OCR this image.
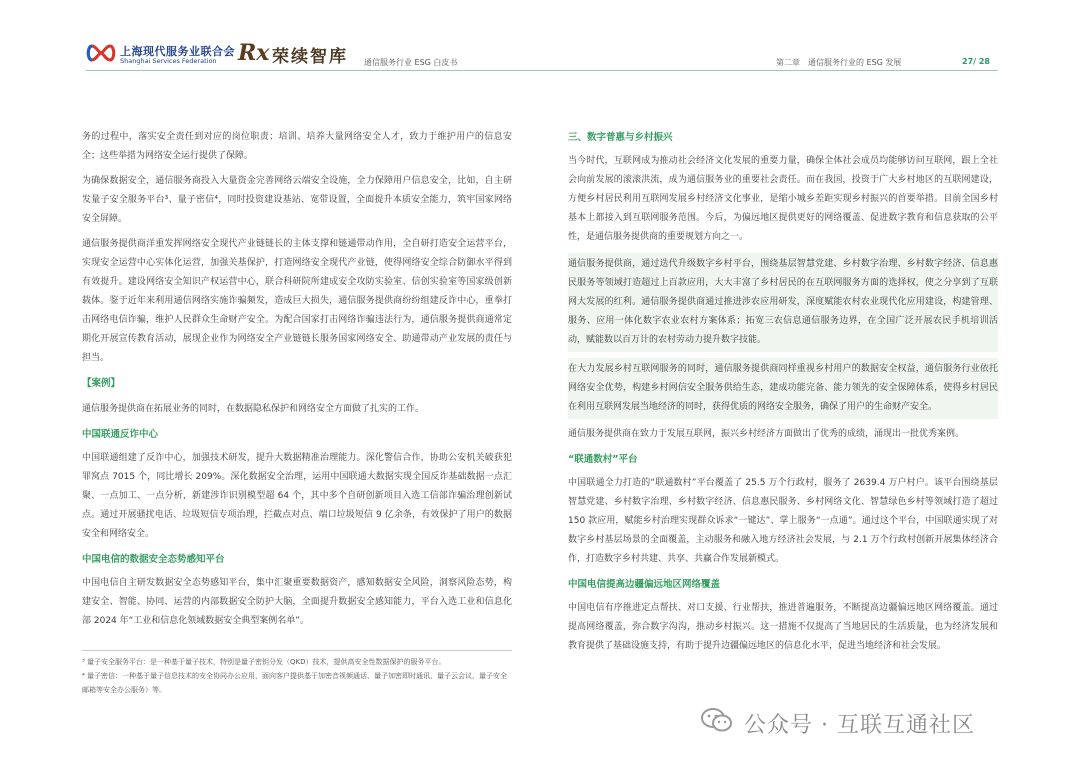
上海现代服务业联合会
Shanghai Services Federation Rx 荣续智库 通信服务行业 ESG 白皮书	第二章　通信服务行业的 ESG 发展	27/ 28

务的过程中，落实安全责任到对应的岗位职责；培训、培养大量网络安全人才，致力于维护用户的信息安全；这些举措为网络安全运行提供了保障。

为确保数据安全，通信服务商投入大量资金完善网络云端安全设施，全力保障用户信息安全，比如，自主研发量子安全服务平台³、量子密信⁴，同时投资建设基站、宽带设置，全面提升本质安全能力，筑牢国家网络安全屏障。

通信服务提供商洋重发挥网络安全现代产业链链长的主体支撑和链通带动作用，全自研打造安全运营平台，实现安全运营中心实体化运营，加强关基保护，打造网络安全现代产业链，使得网络安全综合防御水平得到有效提升。建设网络安全知识产权运营中心，联合科研院所建成安全攻防实验室、信创实验室等国家级创新载体。鉴于近年来利用通信网络实施诈骗频发，造成巨大损失，通信服务提供商纷纷组建反诈中心，重拳打击网络电信诈骗，维护人民群众生命财产安全。为配合国家打击网络诈骗违法行为，通信服务提供商通常定期化开展宣传教育活动，展现企业作为网络安全产业链链长服务国家网络安全、助通带动产业发展的责任与担当。

【案例】

通信服务提供商在拓展业务的同时，在数据隐私保护和网络安全方面做了扎实的工作。

中国联通反诈中心

中国联通组建了反诈中心，加强技术研发，提升大数据精准治理能力。深化警信合作，协助公安机关破获犯罪窝点 7015 个，同比增长 209%。深化数据安全治理，运用中国联通大数据实现全国反诈基础数据一点汇聚、一点加工、一点分析，新建涉诈识别模型超 64 个，其中多个自研创新项目入选工信部诈骗治理创新试点。通过开展骚扰电话、垃圾短信专项治理，拦截点对点、端口垃圾短信 9 亿余条，有效保护了用户的数据安全和网络安全。

中国电信的数据安全态势感知平台

中国电信自主研发数据安全态势感知平台，集中汇聚重要数据资产，感知数据安全风险，洞察风险态势，构建安全、智能、协同、运营的内部数据安全防护大脑，全面提升数据安全感知能力，平台入选工业和信息化部 2024 年“工业和信息化领域数据安全典型案例名单”。

³ 量子安全服务平台：是一种基于量子技术，特别是量子密钥分发（QKD）技术，提供高安全性数据保护的服务平台。

⁴ 量子密信：一种基于量子信息技术的安全协同办公应用，面向客户提供基于加密音视频通话、量子加密即时通讯、量子云会议、量子安全邮箱等安全办公服务）等。

三、数字普惠与乡村振兴

当今时代，互联网成为推动社会经济文化发展的重要力量，确保全体社会成员均能够访问互联网，跟上全社会向前发展的滚滚洪流，成为通信服务业的重要社会责任。而在我国，投资于广大乡村地区的互联网建设，方便乡村居民利用互联网发展乡村经济文化事业，是缩小城乡差距实现乡村振兴的首要举措。目前全国乡村基本上都接入到互联网服务范围。今后，为偏远地区提供更好的网络覆盖、促进数字教育和信息获取的公平性，是通信服务提供商的重要规划方向之一。

通信服务提供商，通过迭代升级数字乡村平台，围绕基层智慧党建、乡村数字治理、乡村数字经济、信息惠民服务等领域打造超过上百款应用，大大丰富了乡村居民的在互联网服务方面的选择权，使之分享到了互联网大发展的红利。通信服务提供商通过推进涉农应用研发，深度赋能农村农业现代化应用建设，构建管理、服务、应用一体化数字农业农村方案体系；拓宽三农信息通信服务边界，在全国广泛开展农民手机培训活动，赋能数以百万计的农村劳动力提升数字技能。

在大力发展乡村互联网服务的同时，通信服务提供商同样重视乡村用户的数据安全权益，通信服务行业依托网络安全优势，构建乡村网信安全服务供给生态，建成功能完备、能力领先的安全保障体系，使得乡村居民在利用互联网发展当地经济的同时，获得优质的网络安全服务，确保了用户的生命财产安全。

通信服务提供商在致力于发展互联网，振兴乡村经济方面做出了优秀的成绩，涌现出一批优秀案例。

“联通数村”平台

中国联通全力打造的“联通数村”平台覆盖了 25.5 万个行政村，服务了 2639.4 万户村户。该平台围绕基层智慧党建、乡村数字治理、乡村数字经济、信息惠民服务、乡村网络文化、智慧绿色乡村等领域打造了超过 150 款应用，赋能乡村治理实现群众诉求“一键达”、掌上服务“一点通”。通过这个平台，中国联通实现了对数字乡村基层场景的全面覆盖，主动服务和融入地方经济社会发展，与 2.1 万个行政村创新开展集体经济合作，打造数字乡村共建、共享、共赢合作发展新模式。

中国电信提高边疆偏远地区网络覆盖

中国电信有序推进定点帮扶、对口支援、行业帮扶，推进普遍服务，不断提高边疆偏远地区网络覆盖。通过提高网络覆盖，弥合数字沟沟，推动乡村振兴。这一措施不仅提高了当地居民的生活质量，也为经济发展和教育提供了基础设施支持，有助于提升边疆偏远地区的信息化水平，促进当地经济和社会发展。

公众号 · 互联互通社区
